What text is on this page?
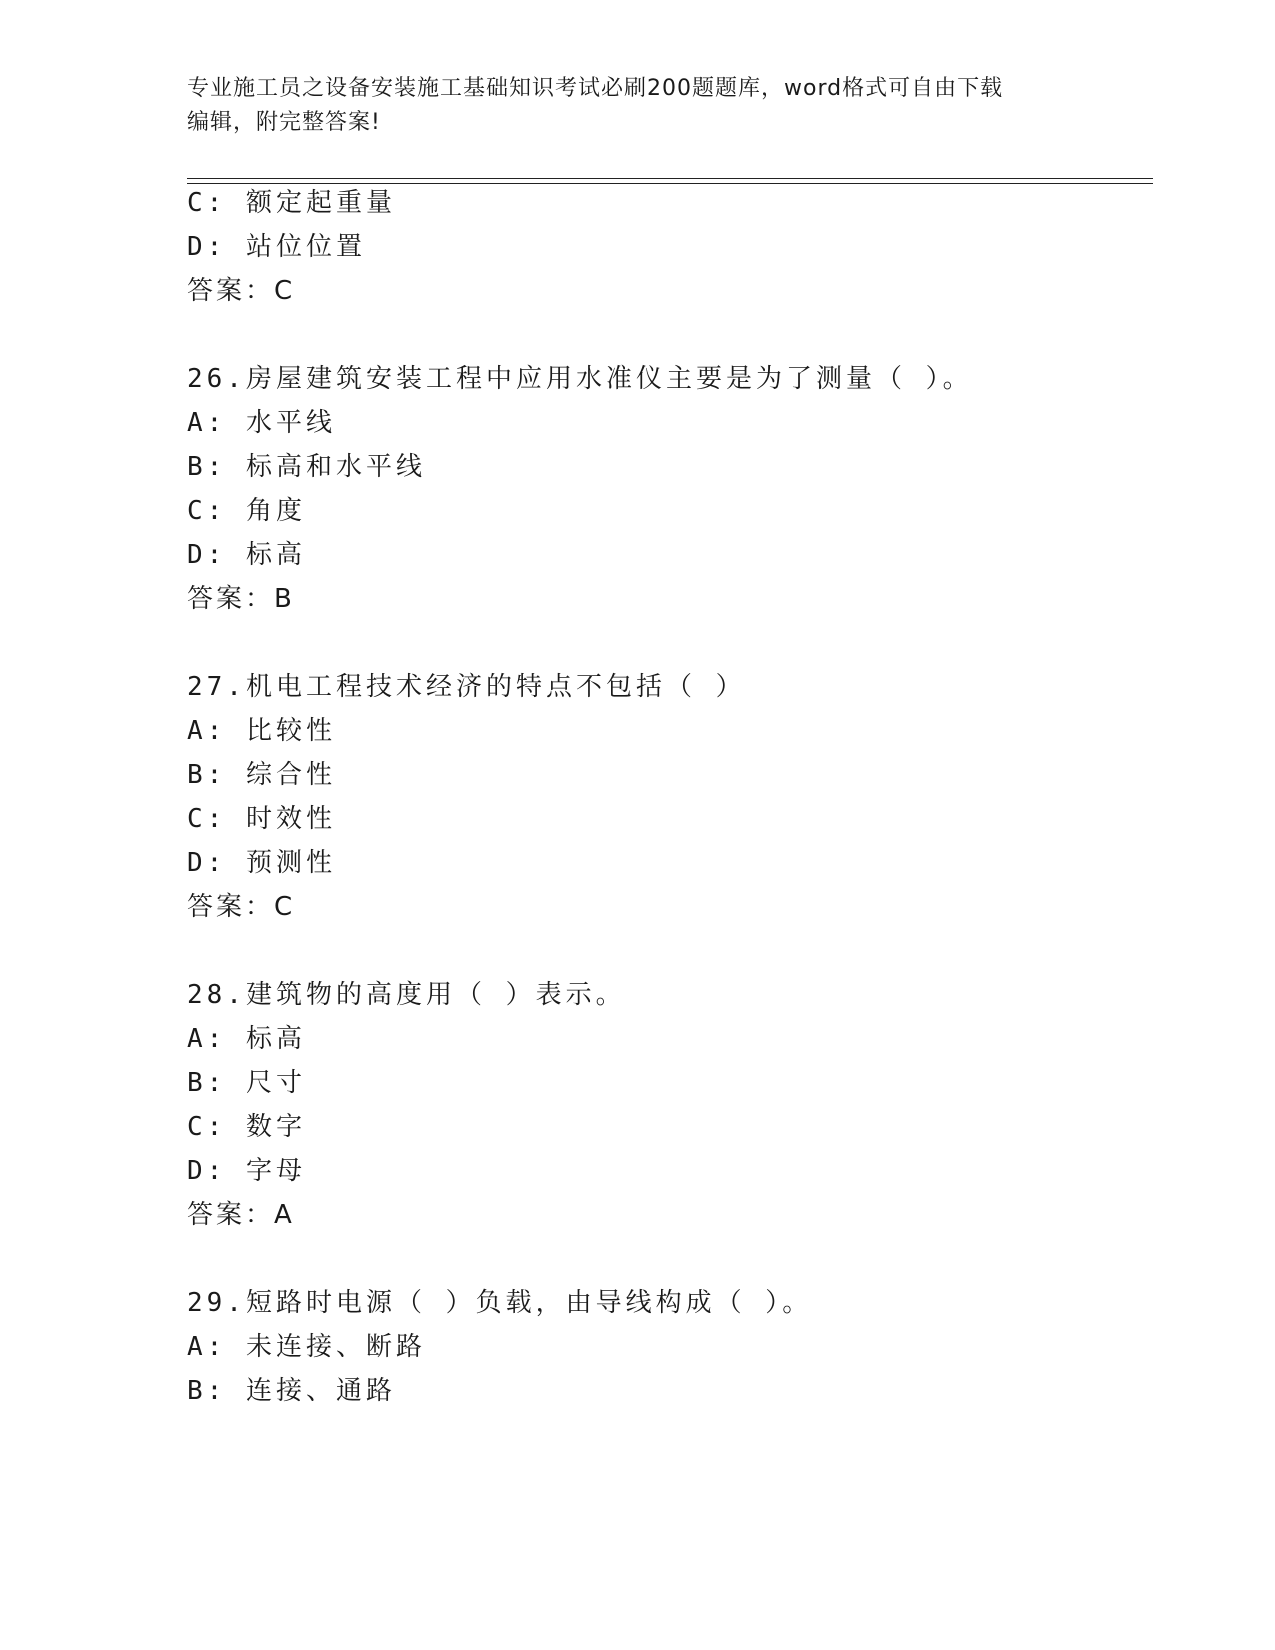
专业施工员之设备安装施工基础知识考试必刷200题题库，word格式可自由下载
编辑，附完整答案!
C: 额定起重量
D: 站位位置
答案：C
26.房屋建筑安装工程中应用水准仪主要是为了测量（ ）。
A: 水平线
B: 标高和水平线
C: 角度
D: 标高
答案：B
27.机电工程技术经济的特点不包括（ ）
A: 比较性
B: 综合性
C: 时效性
D: 预测性
答案：C
28.建筑物的高度用（ ）表示。
A: 标高
B: 尺寸
C: 数字
D: 字母
答案：A
29.短路时电源（ ）负载，由导线构成（ ）。
A: 未连接、断路
B: 连接、通路
